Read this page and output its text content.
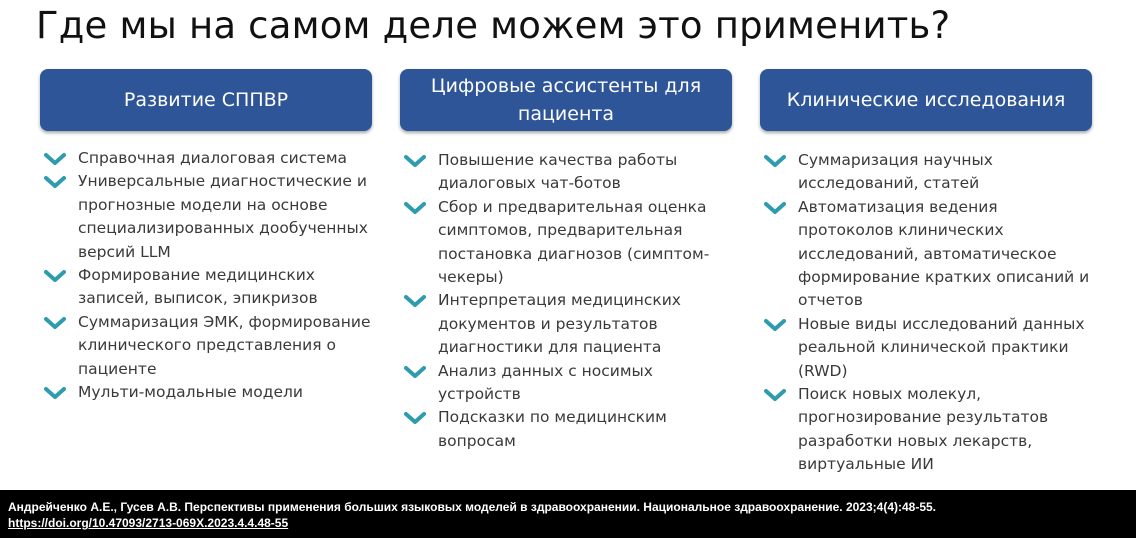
Где мы на самом деле можем это применить?
Развитие СППВР
Справочная диалоговая система
Универсальные диагностические и прогнозные модели на основе специализированных дообученных версий LLM
Формирование медицинских записей, выписок, эпикризов
Суммаризация ЭМК, формирование клинического представления о пациенте
Мульти-модальные модели
Цифровые ассистенты для пациента
Повышение качества работы диалоговых чат-ботов
Сбор и предварительная оценка симптомов, предварительная постановка диагнозов (симптом-чекеры)
Интерпретация медицинских документов и результатов диагностики для пациента
Анализ данных с носимых устройств
Подсказки по медицинским вопросам
Клинические исследования
Суммаризация научных исследований, статей
Автоматизация ведения протоколов клинических исследований, автоматическое формирование кратких описаний и отчетов
Новые виды исследований данных реальной клинической практики (RWD)
Поиск новых молекул, прогнозирование результатов разработки новых лекарств, виртуальные ИИ
Андрейченко А.Е., Гусев А.В. Перспективы применения больших языковых моделей в здравоохранении. Национальное здравоохранение. 2023;4(4):48-55.
https://doi.org/10.47093/2713-069X.2023.4.4.48-55
